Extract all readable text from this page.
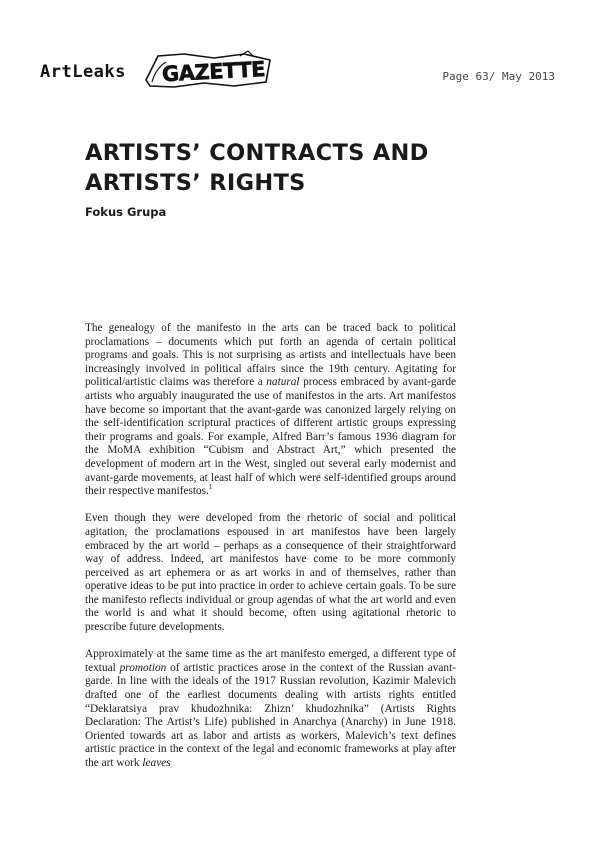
ArtLeaks GAZETTE	Page 63/ May 2013
ARTISTS’ CONTRACTS AND
ARTISTS’ RIGHTS
Fokus Grupa

The genealogy of the manifesto in the arts can be traced back to political proclamations – documents which put forth an agenda of certain political programs and goals. This is not surprising as artists and intellectuals have been increasingly involved in political affairs since the 19th century. Agitating for political/artistic claims was therefore a natural process embraced by avant-garde artists who arguably inaugurated the use of manifestos in the arts. Art manifestos have become so important that the avant-garde was canonized largely relying on the self-identification scriptural practices of different artistic groups expressing their programs and goals. For example, Alfred Barr’s famous 1936 diagram for the MoMA exhibition “Cubism and Abstract Art,” which presented the development of modern art in the West, singled out several early modernist and avant-garde movements, at least half of which were self-identified groups around their respective manifestos.$^1$

Even though they were developed from the rhetoric of social and political agitation, the proclamations espoused in art manifestos have been largely embraced by the art world – perhaps as a consequence of their straightforward way of address. Indeed, art manifestos have come to be more commonly perceived as art ephemera or as art works in and of themselves, rather than operative ideas to be put into practice in order to achieve certain goals. To be sure the manifesto reflects individual or group agendas of what the art world and even the world is and what it should become, often using agitational rhetoric to prescribe future developments.

Approximately at the same time as the art manifesto emerged, a different type of textual promotion of artistic practices arose in the context of the Russian avant-garde. In line with the ideals of the 1917 Russian revolution, Kazimir Malevich drafted one of the earliest documents dealing with artists rights entitled “Deklaratsiya prav khudozhnika: Zhizn’ khudozhnika” (Artists Rights Declaration: The Artist’s Life) published in Anarchya (Anarchy) in June 1918. Oriented towards art as labor and artists as workers, Malevich’s text defines artistic practice in the context of the legal and economic frameworks at play after the art work leaves
